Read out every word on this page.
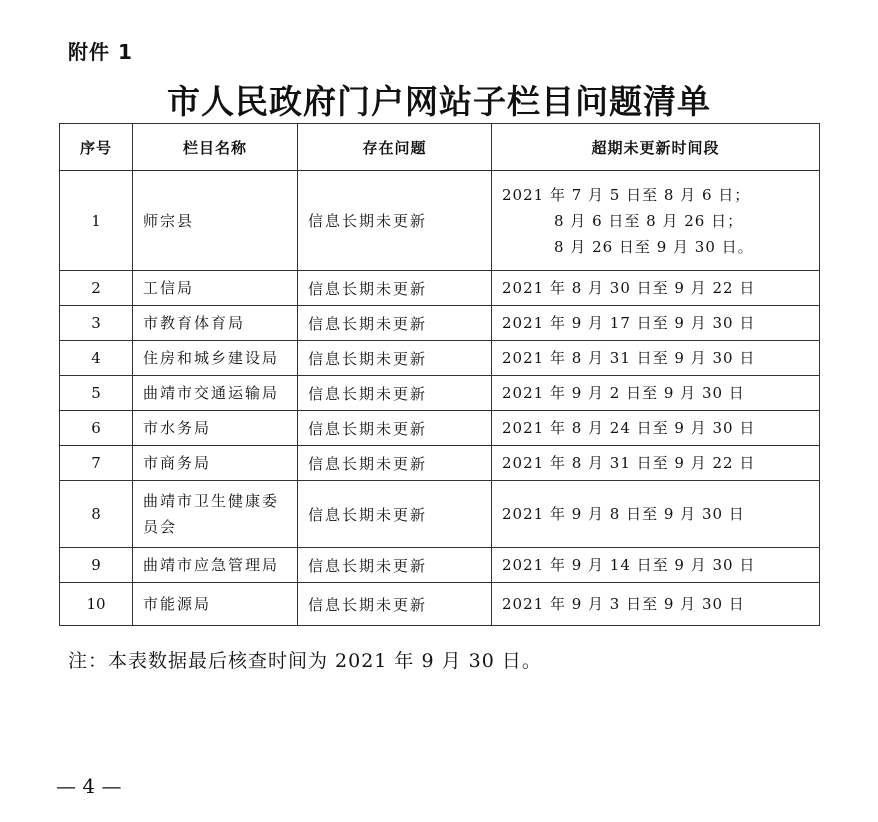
附件 1
市人民政府门户网站子栏目问题清单
序号	栏目名称	存在问题	超期未更新时间段
1	师宗县	信息长期未更新	2021 年 7 月 5 日至 8 月 6 日；
8 月 6 日至 8 月 26 日；
8 月 26 日至 9 月 30 日。

2	工信局	信息长期未更新	2021 年 8 月 30 日至 9 月 22 日

3	市教育体育局	信息长期未更新	2021 年 9 月 17 日至 9 月 30 日

4	住房和城乡建设局	信息长期未更新	2021 年 8 月 31 日至 9 月 30 日

5	曲靖市交通运输局	信息长期未更新	2021 年 9 月 2 日至 9 月 30 日

6	市水务局	信息长期未更新	2021 年 8 月 24 日至 9 月 30 日

7	市商务局	信息长期未更新	2021 年 8 月 31 日至 9 月 22 日

8	曲靖市卫生健康委员会	信息长期未更新	2021 年 9 月 8 日至 9 月 30 日

9	曲靖市应急管理局	信息长期未更新	2021 年 9 月 14 日至 9 月 30 日

10	市能源局	信息长期未更新	2021 年 9 月 3 日至 9 月 30 日
注：本表数据最后核查时间为 2021 年 9 月 30 日。
— 4 —
